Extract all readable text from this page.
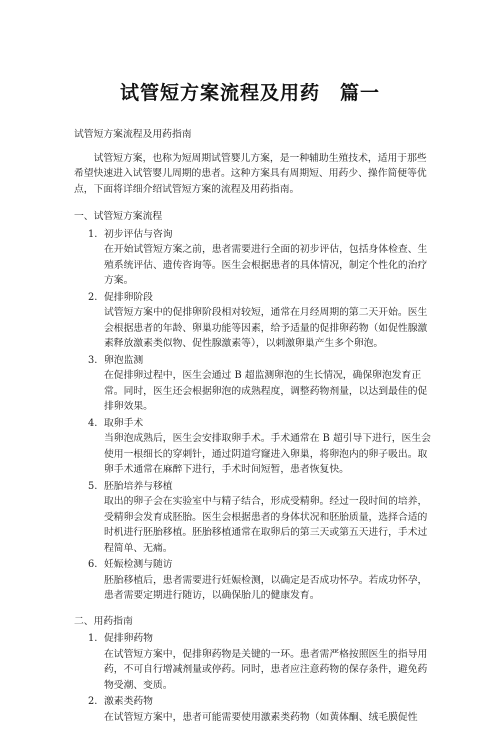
试管短方案流程及用药　篇一

试管短方案流程及用药指南

试管短方案，也称为短周期试管婴儿方案，是一种辅助生殖技术，适用于那些希望快速进入试管婴儿周期的患者。这种方案具有周期短、用药少、操作简便等优点，下面将详细介绍试管短方案的流程及用药指南。

一、试管短方案流程

1. 初步评估与咨询

在开始试管短方案之前，患者需要进行全面的初步评估，包括身体检查、生殖系统评估、遗传咨询等。医生会根据患者的具体情况，制定个性化的治疗方案。

2. 促排卵阶段

试管短方案中的促排卵阶段相对较短，通常在月经周期的第二天开始。医生会根据患者的年龄、卵巢功能等因素，给予适量的促排卵药物（如促性腺激素释放激素类似物、促性腺激素等），以刺激卵巢产生多个卵泡。

3. 卵泡监测

在促排卵过程中，医生会通过 B 超监测卵泡的生长情况，确保卵泡发育正常。同时，医生还会根据卵泡的成熟程度，调整药物剂量，以达到最佳的促排卵效果。

4. 取卵手术

当卵泡成熟后，医生会安排取卵手术。手术通常在 B 超引导下进行，医生会使用一根细长的穿刺针，通过阴道穹窿进入卵巢，将卵泡内的卵子吸出。取卵手术通常在麻醉下进行，手术时间短暂，患者恢复快。

5. 胚胎培养与移植

取出的卵子会在实验室中与精子结合，形成受精卵。经过一段时间的培养，受精卵会发育成胚胎。医生会根据患者的身体状况和胚胎质量，选择合适的时机进行胚胎移植。胚胎移植通常在取卵后的第三天或第五天进行，手术过程简单、无痛。

6. 妊娠检测与随访

胚胎移植后，患者需要进行妊娠检测，以确定是否成功怀孕。若成功怀孕，患者需要定期进行随访，以确保胎儿的健康发育。

二、用药指南

1. 促排卵药物

在试管短方案中，促排卵药物是关键的一环。患者需严格按照医生的指导用药，不可自行增减剂量或停药。同时，患者应注意药物的保存条件，避免药物受潮、变质。

2. 激素类药物

在试管短方案中，患者可能需要使用激素类药物（如黄体酮、绒毛膜促性
